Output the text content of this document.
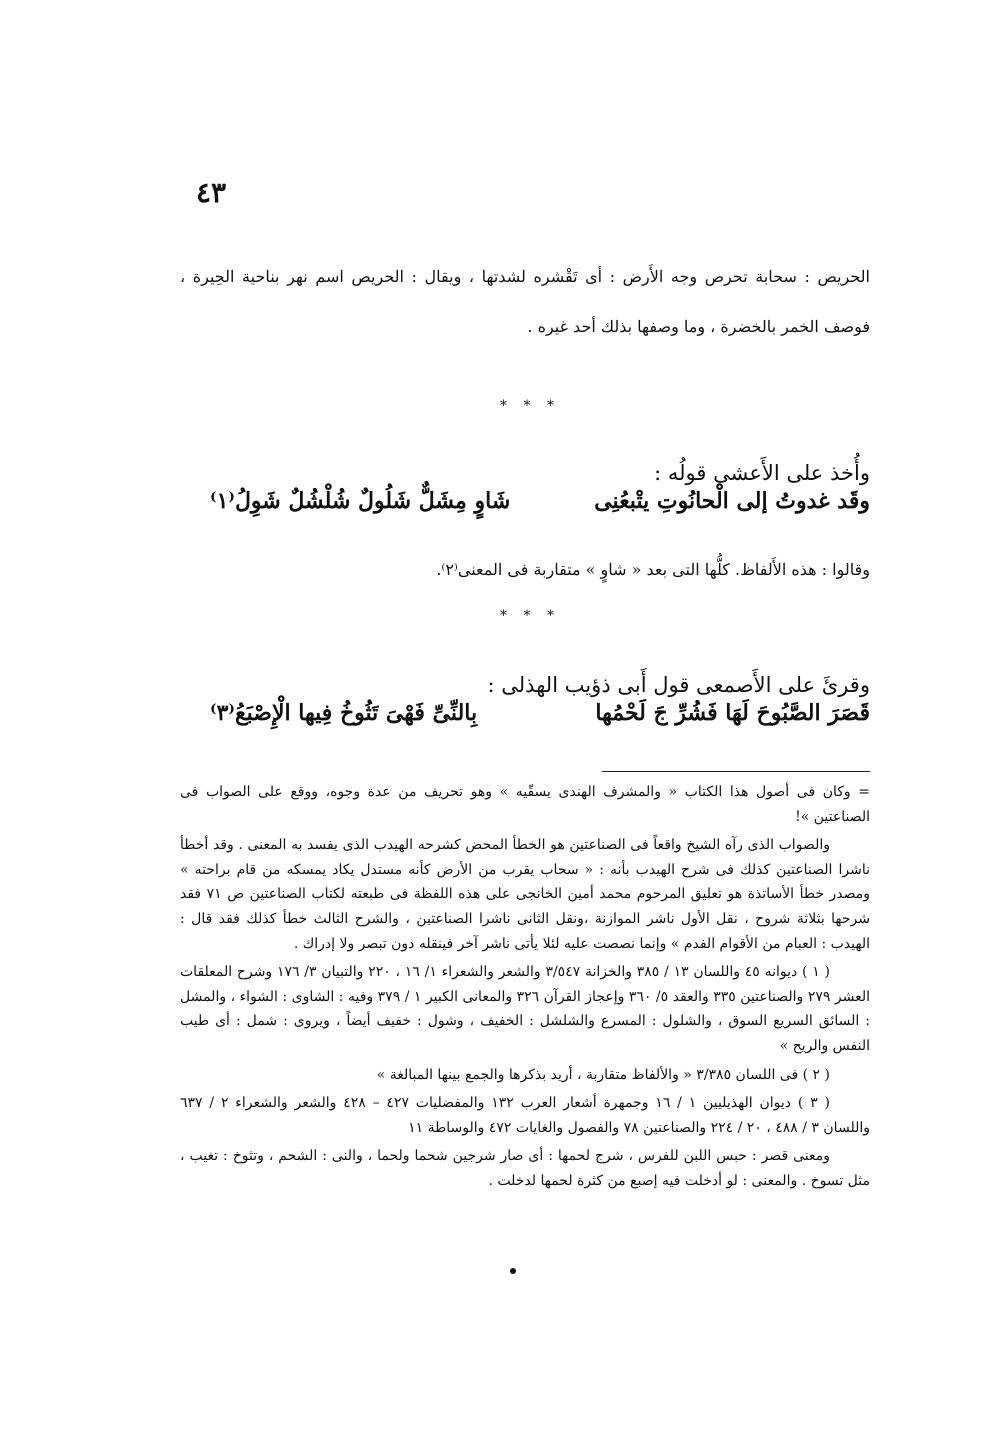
٤٣

الحريص : سحابة تحرص وجه الأَرض : أى تَقْشره لشدتها ، ويقال : الحريص اسم نهر بناحية الحِيرة ، فوصف الخمر بالخضرة ، وما وصفها بذلك أحد غيره .

* * *

وأُخذ على الأَعشى قولُه :

وقَد غدوتُ إلى الْحانُوتِ يتْبعُنِى
شَاوٍ مِشَلٌّ شَلُولٌ شُلْشُلٌ شَوِلُ⁽١⁾

وقالوا : هذه الأَلفاظ. كلُّها التى بعد « شاوٍ » متقاربة فى المعنى⁽٢⁾.

* * *

وقرئَ على الأَصمعى قول أَبى ذؤيب الهذلى :

قَصَرَ الصَّبُوحَ لَهَا فَشُرِّ جَ لَحْمُها
بِالنِّىِّ فَهْىَ تَثُوخُ فِيها الْإِصْبَعُ⁽٣⁾

= وكان فى أصول هذا الكتاب « والمشرف الهندى يسقّيه » وهو تحريف من عدة وجوه، ووقع على الصواب فى الصناعتين »!

والصواب الذى رآه الشيخ واقعاً فى الصناعتين هو الخطأ المحض كشرحه الهيدب الذى يفسد به المعنى . وقد أخطأ ناشرا الصناعتين كذلك فى شرح الهيدب بأنه : « سحاب يقرب من الأرض كأنه مستدل يكاد يمسكه من قام براحته » ومصدر خطأ الأساتذة هو تعليق المرحوم محمد أمين الخانجى على هذه اللفظة فى طبعته لكتاب الصناعتين ص ٧١ فقد شرحها بثلاثة شروح ، نقل الأول ناشر الموازنة ،ونقل الثانى ناشرا الصناعتين ، والشرح الثالث خطأ كذلك فقد قال : الهيدب : العبام من الأقوام الفدم » وإنما نصصت عليه لئلا يأتى ناشر آخر فينقله دون تبصر ولا إدراك .

( ١ ) ديوانه ٤٥ واللسان ١٣ / ٣٨٥ والخزانة ٣/٥٤٧ والشعر والشعراء ١/ ١٦ ، ٢٢٠ والتبيان ٣/ ١٧٦ وشرح المعلقات العشر ٢٧٩ والصناعتين ٣٣٥ والعقد ٥/ ٣٦٠ وإعجاز القرآن ٣٢٦ والمعانى الكبير ١ / ٣٧٩ وفيه : الشاوى : الشواء ، والمشل : السائق السريع السوق ، والشلول : المسرع والشلشل : الخفيف ، وشول : خفيف أيضاً ، ويروى : شمل : أى طيب النفس والريح »

( ٢ ) فى اللسان ٣/٣٨٥ « والألفاظ متقاربة ، أريد بذكرها والجمع بينها المبالغة »

( ٣ ) ديوان الهذيليين ١ / ١٦ وجمهرة أشعار العرب ١٣٢ والمفضليات ٤٢٧ – ٤٢٨ والشعر والشعراء ٢ / ٦٣٧ واللسان ٣ / ٤٨٨ ، ٢٠ / ٢٢٤ والصناعتين ٧٨ والفصول والغايات ٤٧٢ والوساطة ١١

ومعنى قصر : حبس اللبن للفرس ، شرج لحمها : أى صار شرجين شحما ولحما ، والنى : الشحم ، وتثوخ : تغيب ، مثل تسوخ . والمعنى : لو أدخلت فيه إصبع من كثرة لحمها لدخلت .
